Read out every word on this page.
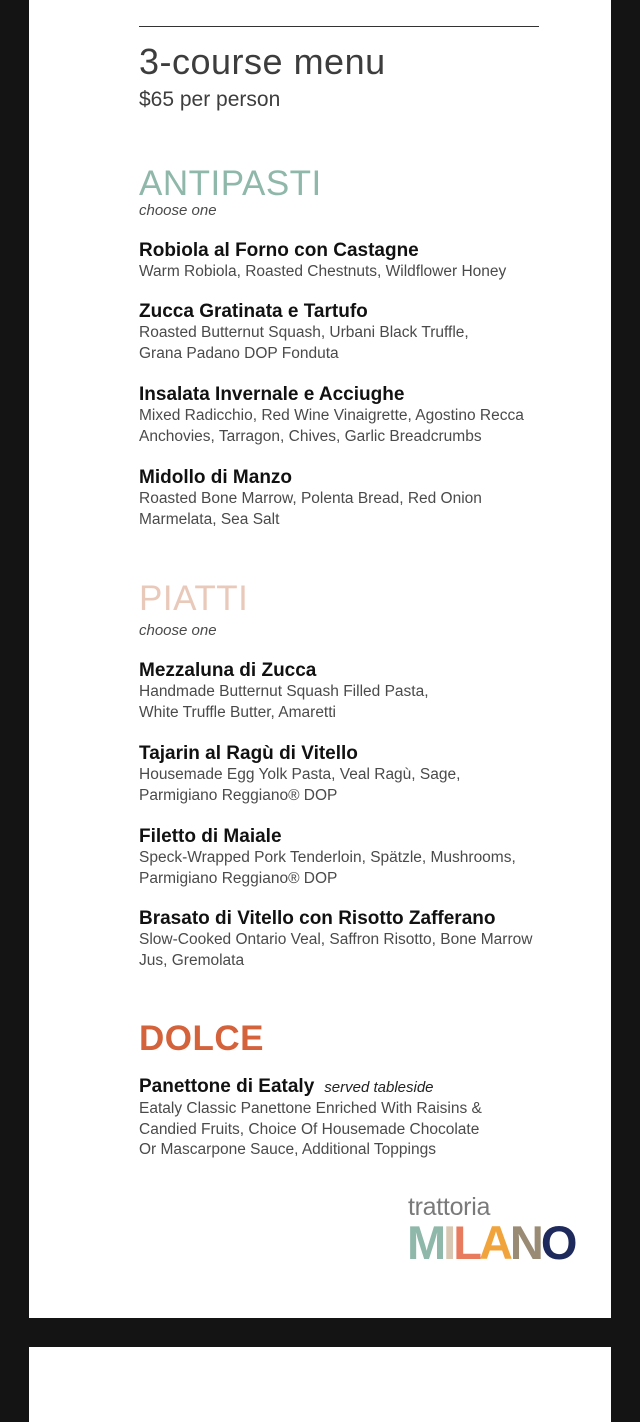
3-course menu
$65 per person
ANTIPASTI
choose one
Robiola al Forno con Castagne
Warm Robiola, Roasted Chestnuts, Wildflower Honey
Zucca Gratinata e Tartufo
Roasted Butternut Squash, Urbani Black Truffle,
Grana Padano DOP Fonduta
Insalata Invernale e Acciughe
Mixed Radicchio, Red Wine Vinaigrette, Agostino Recca
Anchovies, Tarragon, Chives, Garlic Breadcrumbs
Midollo di Manzo
Roasted Bone Marrow, Polenta Bread, Red Onion
Marmelata, Sea Salt
PIATTI
choose one
Mezzaluna di Zucca
Handmade Butternut Squash Filled Pasta,
White Truffle Butter, Amaretti
Tajarin al Ragù di Vitello
Housemade Egg Yolk Pasta, Veal Ragù, Sage,
Parmigiano Reggiano® DOP
Filetto di Maiale
Speck-Wrapped Pork Tenderloin, Spätzle, Mushrooms,
Parmigiano Reggiano® DOP
Brasato di Vitello con Risotto Zafferano
Slow-Cooked Ontario Veal, Saffron Risotto, Bone Marrow
Jus, Gremolata
DOLCE
Panettone di Eataly served tableside
Eataly Classic Panettone Enriched With Raisins &
Candied Fruits, Choice Of Housemade Chocolate
Or Mascarpone Sauce, Additional Toppings
trattoria
MILANO
